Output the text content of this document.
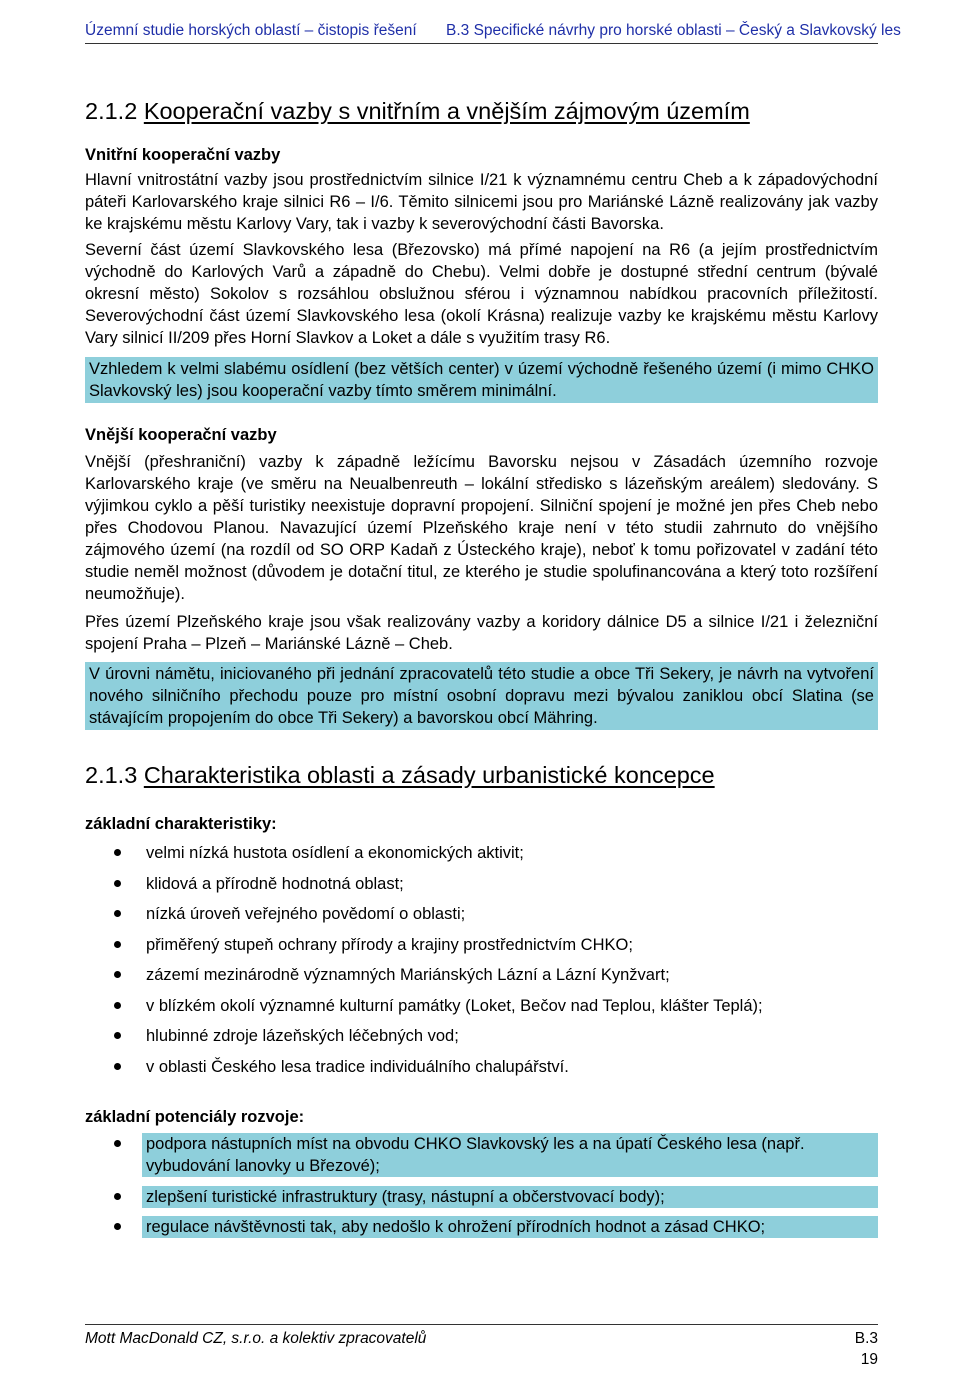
Územní studie horských oblastí – čistopis řešení B.3 Specifické návrhy pro horské oblasti – Český a Slavkovský les
2.1.2 Kooperační vazby s vnitřním a vnějším zájmovým územím

Vnitřní kooperační vazby

Hlavní vnitrostátní vazby jsou prostřednictvím silnice I/21 k významnému centru Cheb a k západovýchodní páteři Karlovarského kraje silnici R6 – I/6. Těmito silnicemi jsou pro Mariánské Lázně realizovány jak vazby ke krajskému městu Karlovy Vary, tak i vazby k severovýchodní části Bavorska.

Severní část území Slavkovského lesa (Březovsko) má přímé napojení na R6 (a jejím prostřednictvím východně do Karlových Varů a západně do Chebu). Velmi dobře je dostupné střední centrum (bývalé okresní město) Sokolov s rozsáhlou obslužnou sférou i významnou nabídkou pracovních příležitostí. Severovýchodní část území Slavkovského lesa (okolí Krásna) realizuje vazby ke krajskému městu Karlovy Vary silnicí II/209 přes Horní Slavkov a Loket a dále s využitím trasy R6.

Vzhledem k velmi slabému osídlení (bez větších center) v území východně řešeného území (i mimo CHKO Slavkovský les) jsou kooperační vazby tímto směrem minimální.

Vnější kooperační vazby

Vnější (přeshraniční) vazby k západně ležícímu Bavorsku nejsou v Zásadách územního rozvoje Karlovarského kraje (ve směru na Neualbenreuth – lokální středisko s lázeňským areálem) sledovány. S výjimkou cyklo a pěší turistiky neexistuje dopravní propojení. Silniční spojení je možné jen přes Cheb nebo přes Chodovou Planou. Navazující území Plzeňského kraje není v této studii zahrnuto do vnějšího zájmového území (na rozdíl od SO ORP Kadaň z Ústeckého kraje), neboť k tomu pořizovatel v zadání této studie neměl možnost (důvodem je dotační titul, ze kterého je studie spolufinancována a který toto rozšíření neumožňuje).

Přes území Plzeňského kraje jsou však realizovány vazby a koridory dálnice D5 a silnice I/21 i železniční spojení Praha – Plzeň – Mariánské Lázně – Cheb.

V úrovni námětu, iniciovaného při jednání zpracovatelů této studie a obce Tři Sekery, je návrh na vytvoření nového silničního přechodu pouze pro místní osobní dopravu mezi bývalou zaniklou obcí Slatina (se stávajícím propojením do obce Tři Sekery) a bavorskou obcí Mähring.

2.1.3 Charakteristika oblasti a zásady urbanistické koncepce

základní charakteristiky:

velmi nízká hustota osídlení a ekonomických aktivit;
klidová a přírodně hodnotná oblast;
nízká úroveň veřejného povědomí o oblasti;
přiměřený stupeň ochrany přírody a krajiny prostřednictvím CHKO;
zázemí mezinárodně významných Mariánských Lázní a Lázní Kynžvart;
v blízkém okolí významné kulturní památky (Loket, Bečov nad Teplou, klášter Teplá);
hlubinné zdroje lázeňských léčebných vod;
v oblasti Českého lesa tradice individuálního chalupářství.

základní potenciály rozvoje:

podpora nástupních míst na obvodu CHKO Slavkovský les a na úpatí Českého lesa (např. vybudování lanovky u Březové);
zlepšení turistické infrastruktury (trasy, nástupní a občerstvovací body);
regulace návštěvnosti tak, aby nedošlo k ohrožení přírodních hodnot a zásad CHKO;
Mott MacDonald CZ, s.r.o. a kolektiv zpracovatelů	B.3
19
